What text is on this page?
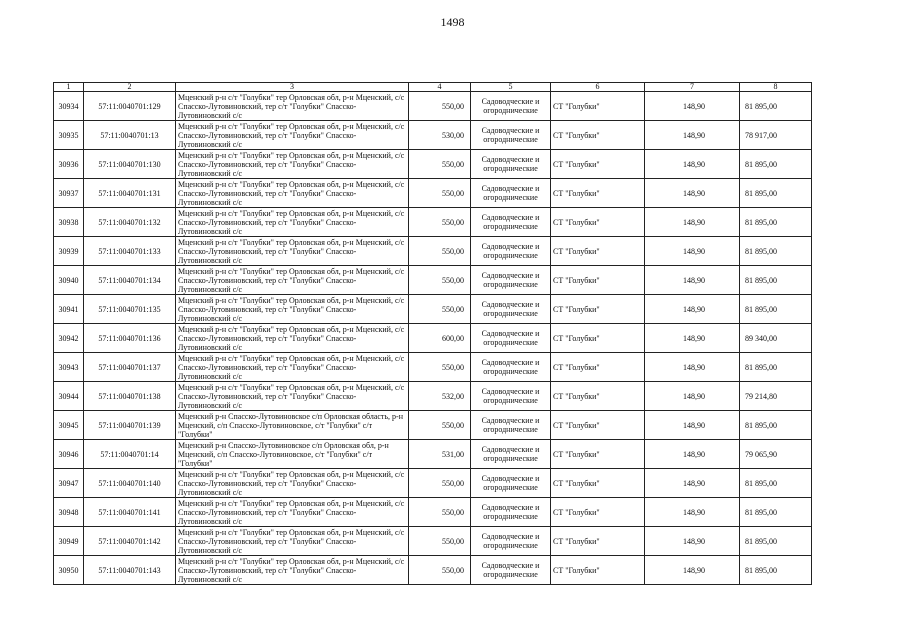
1498
1	2	3	4	5	6	7	8
30934	57:11:0040701:129	Мценский р-н с/т "Голубки" тер Орловская обл, р-н Мценский, с/с Спасско-Лутовиновский, тер с/т "Голубки" Спасско-Лутовиновский с/с	550,00	Садоводческие и огороднические	СТ "Голубки"	148,90	81 895,00
30935	57:11:0040701:13	Мценский р-н с/т "Голубки" тер Орловская обл, р-н Мценский, с/с Спасско-Лутовиновский, тер с/т "Голубки" Спасско-Лутовиновский с/с	530,00	Садоводческие и огороднические	СТ "Голубки"	148,90	78 917,00
30936	57:11:0040701:130	Мценский р-н с/т "Голубки" тер Орловская обл, р-н Мценский, с/с Спасско-Лутовиновский, тер с/т "Голубки" Спасско-Лутовиновский с/с	550,00	Садоводческие и огороднические	СТ "Голубки"	148,90	81 895,00
30937	57:11:0040701:131	Мценский р-н с/т "Голубки" тер Орловская обл, р-н Мценский, с/с Спасско-Лутовиновский, тер с/т "Голубки" Спасско-Лутовиновский с/с	550,00	Садоводческие и огороднические	СТ "Голубки"	148,90	81 895,00
30938	57:11:0040701:132	Мценский р-н с/т "Голубки" тер Орловская обл, р-н Мценский, с/с Спасско-Лутовиновский, тер с/т "Голубки" Спасско-Лутовиновский с/с	550,00	Садоводческие и огороднические	СТ "Голубки"	148,90	81 895,00
30939	57:11:0040701:133	Мценский р-н с/т "Голубки" тер Орловская обл, р-н Мценский, с/с Спасско-Лутовиновский, тер с/т "Голубки" Спасско-Лутовиновский с/с	550,00	Садоводческие и огороднические	СТ "Голубки"	148,90	81 895,00
30940	57:11:0040701:134	Мценский р-н с/т "Голубки" тер Орловская обл, р-н Мценский, с/с Спасско-Лутовиновский, тер с/т "Голубки" Спасско-Лутовиновский с/с	550,00	Садоводческие и огороднические	СТ "Голубки"	148,90	81 895,00
30941	57:11:0040701:135	Мценский р-н с/т "Голубки" тер Орловская обл, р-н Мценский, с/с Спасско-Лутовиновский, тер с/т "Голубки" Спасско-Лутовиновский с/с	550,00	Садоводческие и огороднические	СТ "Голубки"	148,90	81 895,00
30942	57:11:0040701:136	Мценский р-н с/т "Голубки" тер Орловская обл, р-н Мценский, с/с Спасско-Лутовиновский, тер с/т "Голубки" Спасско-Лутовиновский с/с	600,00	Садоводческие и огороднические	СТ "Голубки"	148,90	89 340,00
30943	57:11:0040701:137	Мценский р-н с/т "Голубки" тер Орловская обл, р-н Мценский, с/с Спасско-Лутовиновский, тер с/т "Голубки" Спасско-Лутовиновский с/с	550,00	Садоводческие и огороднические	СТ "Голубки"	148,90	81 895,00
30944	57:11:0040701:138	Мценский р-н с/т "Голубки" тер Орловская обл, р-н Мценский, с/с Спасско-Лутовиновский, тер с/т "Голубки" Спасско-Лутовиновский с/с	532,00	Садоводческие и огороднические	СТ "Голубки"	148,90	79 214,80
30945	57:11:0040701:139	Мценский р-н Спасско-Лутовиновское с/п Орловская область, р-н Мценский, с/п Спасско-Лутовиновское, с/т "Голубки" с/т "Голубки"	550,00	Садоводческие и огороднические	СТ "Голубки"	148,90	81 895,00
30946	57:11:0040701:14	Мценский р-н Спасско-Лутовиновское с/п Орловская обл, р-н Мценский, с/п Спасско-Лутовиновское, с/т "Голубки" с/т "Голубки"	531,00	Садоводческие и огороднические	СТ "Голубки"	148,90	79 065,90
30947	57:11:0040701:140	Мценский р-н с/т "Голубки" тер Орловская обл, р-н Мценский, с/с Спасско-Лутовиновский, тер с/т "Голубки" Спасско-Лутовиновский с/с	550,00	Садоводческие и огороднические	СТ "Голубки"	148,90	81 895,00
30948	57:11:0040701:141	Мценский р-н с/т "Голубки" тер Орловская обл, р-н Мценский, с/с Спасско-Лутовиновский, тер с/т "Голубки" Спасско-Лутовиновский с/с	550,00	Садоводческие и огороднические	СТ "Голубки"	148,90	81 895,00
30949	57:11:0040701:142	Мценский р-н с/т "Голубки" тер Орловская обл, р-н Мценский, с/с Спасско-Лутовиновский, тер с/т "Голубки" Спасско-Лутовиновский с/с	550,00	Садоводческие и огороднические	СТ "Голубки"	148,90	81 895,00
30950	57:11:0040701:143	Мценский р-н с/т "Голубки" тер Орловская обл, р-н Мценский, с/с Спасско-Лутовиновский, тер с/т "Голубки" Спасско-Лутовиновский с/с	550,00	Садоводческие и огороднические	СТ "Голубки"	148,90	81 895,00
